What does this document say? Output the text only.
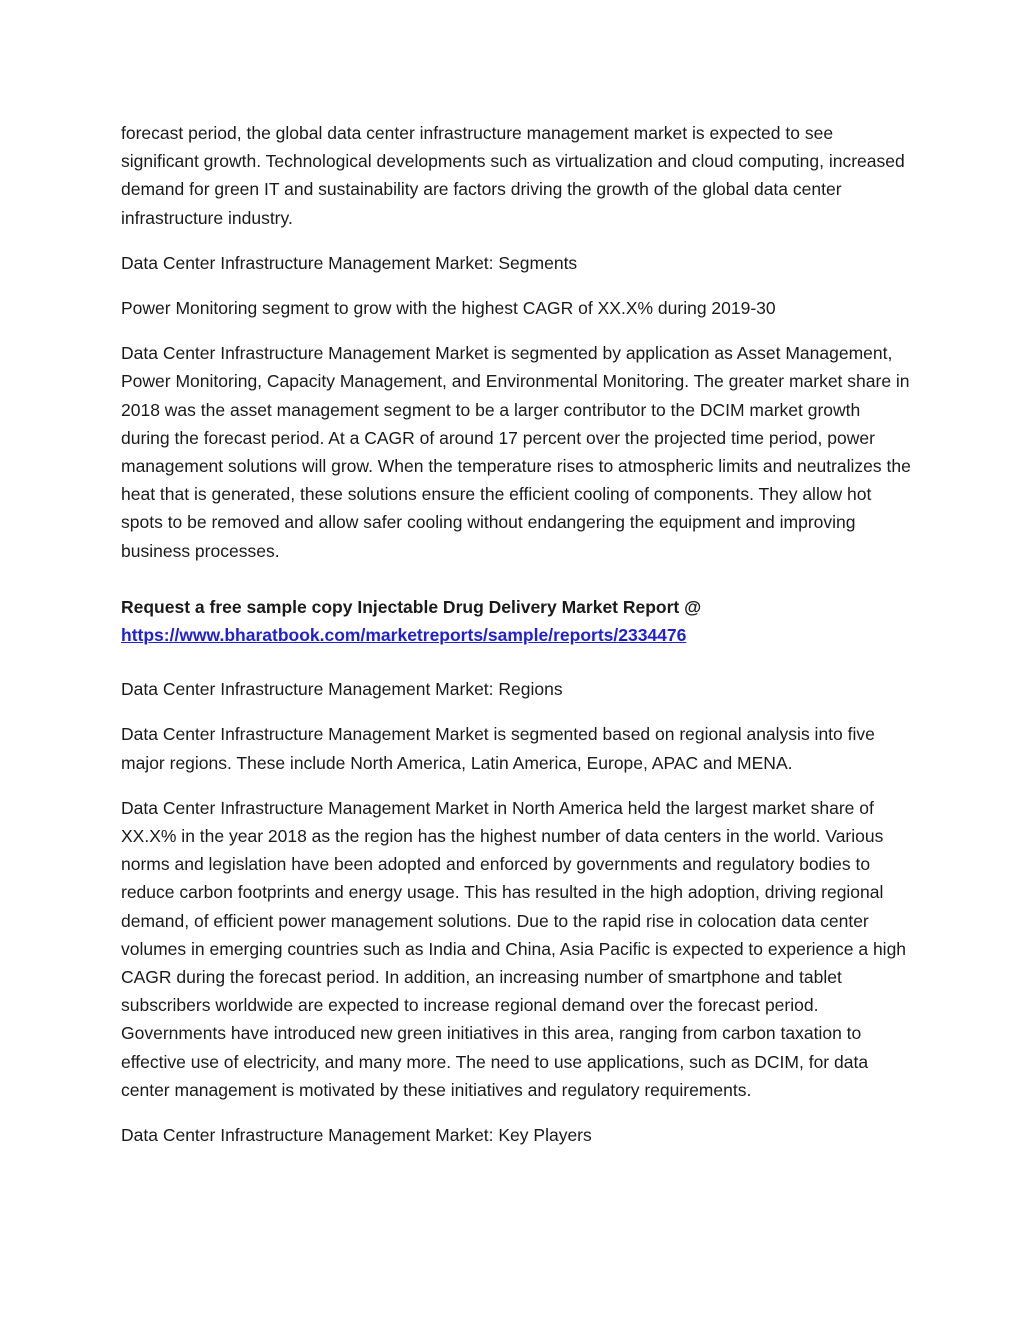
forecast period, the global data center infrastructure management market is expected to see significant growth. Technological developments such as virtualization and cloud computing, increased demand for green IT and sustainability are factors driving the growth of the global data center infrastructure industry.

Data Center Infrastructure Management Market: Segments

Power Monitoring segment to grow with the highest CAGR of XX.X% during 2019-30

Data Center Infrastructure Management Market is segmented by application as Asset Management, Power Monitoring, Capacity Management, and Environmental Monitoring. The greater market share in 2018 was the asset management segment to be a larger contributor to the DCIM market growth during the forecast period. At a CAGR of around 17 percent over the projected time period, power management solutions will grow. When the temperature rises to atmospheric limits and neutralizes the heat that is generated, these solutions ensure the efficient cooling of components. They allow hot spots to be removed and allow safer cooling without endangering the equipment and improving business processes.

Request a free sample copy Injectable Drug Delivery Market Report @
https://www.bharatbook.com/marketreports/sample/reports/2334476

Data Center Infrastructure Management Market: Regions

Data Center Infrastructure Management Market is segmented based on regional analysis into five major regions. These include North America, Latin America, Europe, APAC and MENA.

Data Center Infrastructure Management Market in North America held the largest market share of XX.X% in the year 2018 as the region has the highest number of data centers in the world. Various norms and legislation have been adopted and enforced by governments and regulatory bodies to reduce carbon footprints and energy usage. This has resulted in the high adoption, driving regional demand, of efficient power management solutions. Due to the rapid rise in colocation data center volumes in emerging countries such as India and China, Asia Pacific is expected to experience a high CAGR during the forecast period. In addition, an increasing number of smartphone and tablet subscribers worldwide are expected to increase regional demand over the forecast period. Governments have introduced new green initiatives in this area, ranging from carbon taxation to effective use of electricity, and many more. The need to use applications, such as DCIM, for data center management is motivated by these initiatives and regulatory requirements.

Data Center Infrastructure Management Market: Key Players
